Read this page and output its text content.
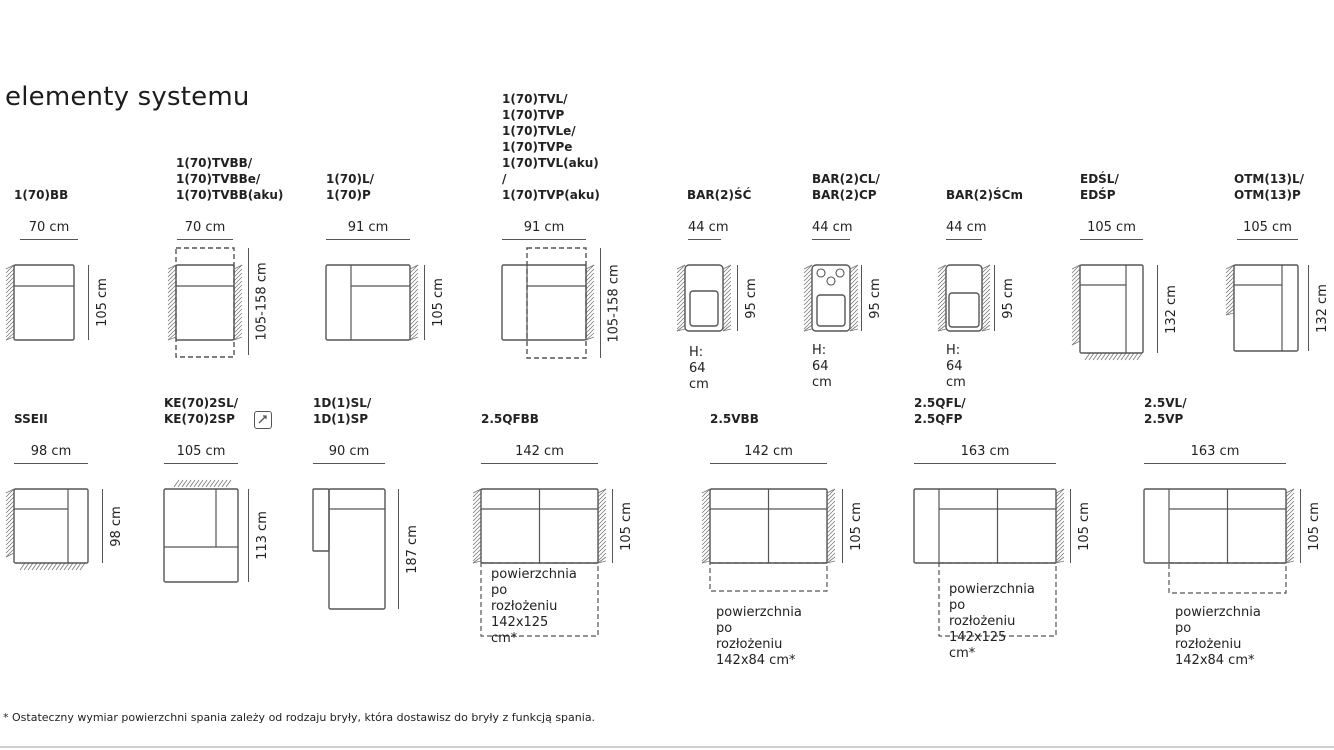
elementy systemu
1(70)BB
70 cm
105 cm
1(70)TVBB/
1(70)TVBBe/
1(70)TVBB(aku)
70 cm
105-158 cm
1(70)L/
1(70)P
91 cm
105 cm
1(70)TVL/ 1(70)TVP
1(70)TVLe/ 1(70)TVPe
1(70)TVL(aku) /
1(70)TVP(aku)
91 cm
105-158 cm
BAR(2)ŚĆ
44 cm
95 cm
H: 64 cm
BAR(2)CL/
BAR(2)CP
44 cm
95 cm
H: 64 cm
BAR(2)ŚCm
44 cm
95 cm
H: 64 cm
EDŚL/
EDŚP
105 cm
132 cm
OTM(13)L/
OTM(13)P
105 cm
132 cm
SSEII
98 cm
98 cm
KE(70)2SL/
KE(70)2SP
105 cm
113 cm
1D(1)SL/
1D(1)SP
90 cm
187 cm
2.5QFBB
142 cm
105 cm
powierzchnia
po rozłożeniu
142x125 cm*
2.5VBB
142 cm
105 cm
powierzchnia
po rozłożeniu
142x84 cm*
2.5QFL/
2.5QFP
163 cm
105 cm
powierzchnia
po rozłożeniu
142x125 cm*
2.5VL/
2.5VP
163 cm
105 cm
powierzchnia
po rozłożeniu
142x84 cm*
* Ostateczny wymiar powierzchni spania zależy od rodzaju bryły, która dostawisz do bryły z funkcją spania.
